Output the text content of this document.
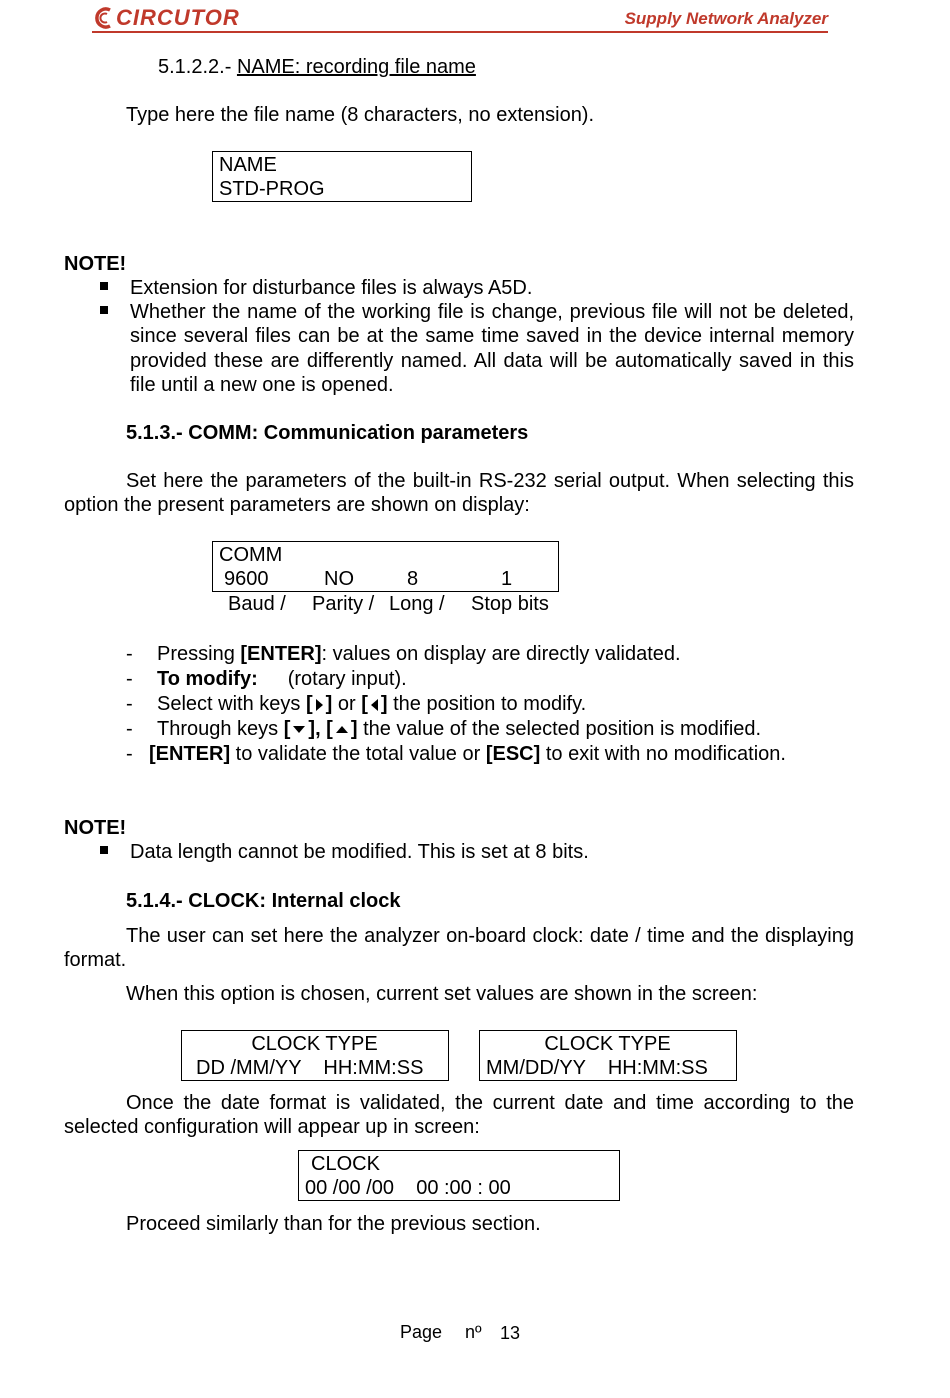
CIRCUTOR	Supply Network Analyzer
5.1.2.2.- NAME: recording file name
Type here the file name (8 characters, no extension).
NAME
STD-PROG
NOTE!
Extension for disturbance files is always A5D.
Whether the name of the working file is change, previous file will not be deleted, since several files can be at the same time saved in the device internal memory provided these are differently named. All data will be automatically saved in this file until a new one is opened.
5.1.3.- COMM: Communication parameters
Set here the parameters of the built-in RS-232 serial output. When selecting this option the present parameters are shown on display:
COMM
9600	NO	8	1
Baud / Parity / Long / Stop bits
- Pressing [ENTER]: values on display are directly validated.
- To modify: (rotary input).
- Select with keys [ ] or [ ] the position to modify.
- Through keys [ ], [ ] the value of the selected position is modified.
- [ENTER] to validate the total value or [ESC] to exit with no modification.
NOTE!
Data length cannot be modified. This is set at 8 bits.
5.1.4.- CLOCK: Internal clock
The user can set here the analyzer on-board clock: date / time and the displaying format.
When this option is chosen, current set values are shown in the screen:
CLOCK TYPE
DD /MM/YY    HH:MM:SS
CLOCK TYPE
MM/DD/YY    HH:MM:SS
Once the date format is validated, the current date and time according to the selected configuration will appear up in screen:
CLOCK
00 /00 /00    00 :00 : 00
Proceed similarly than for the previous section.
Page nº 13
